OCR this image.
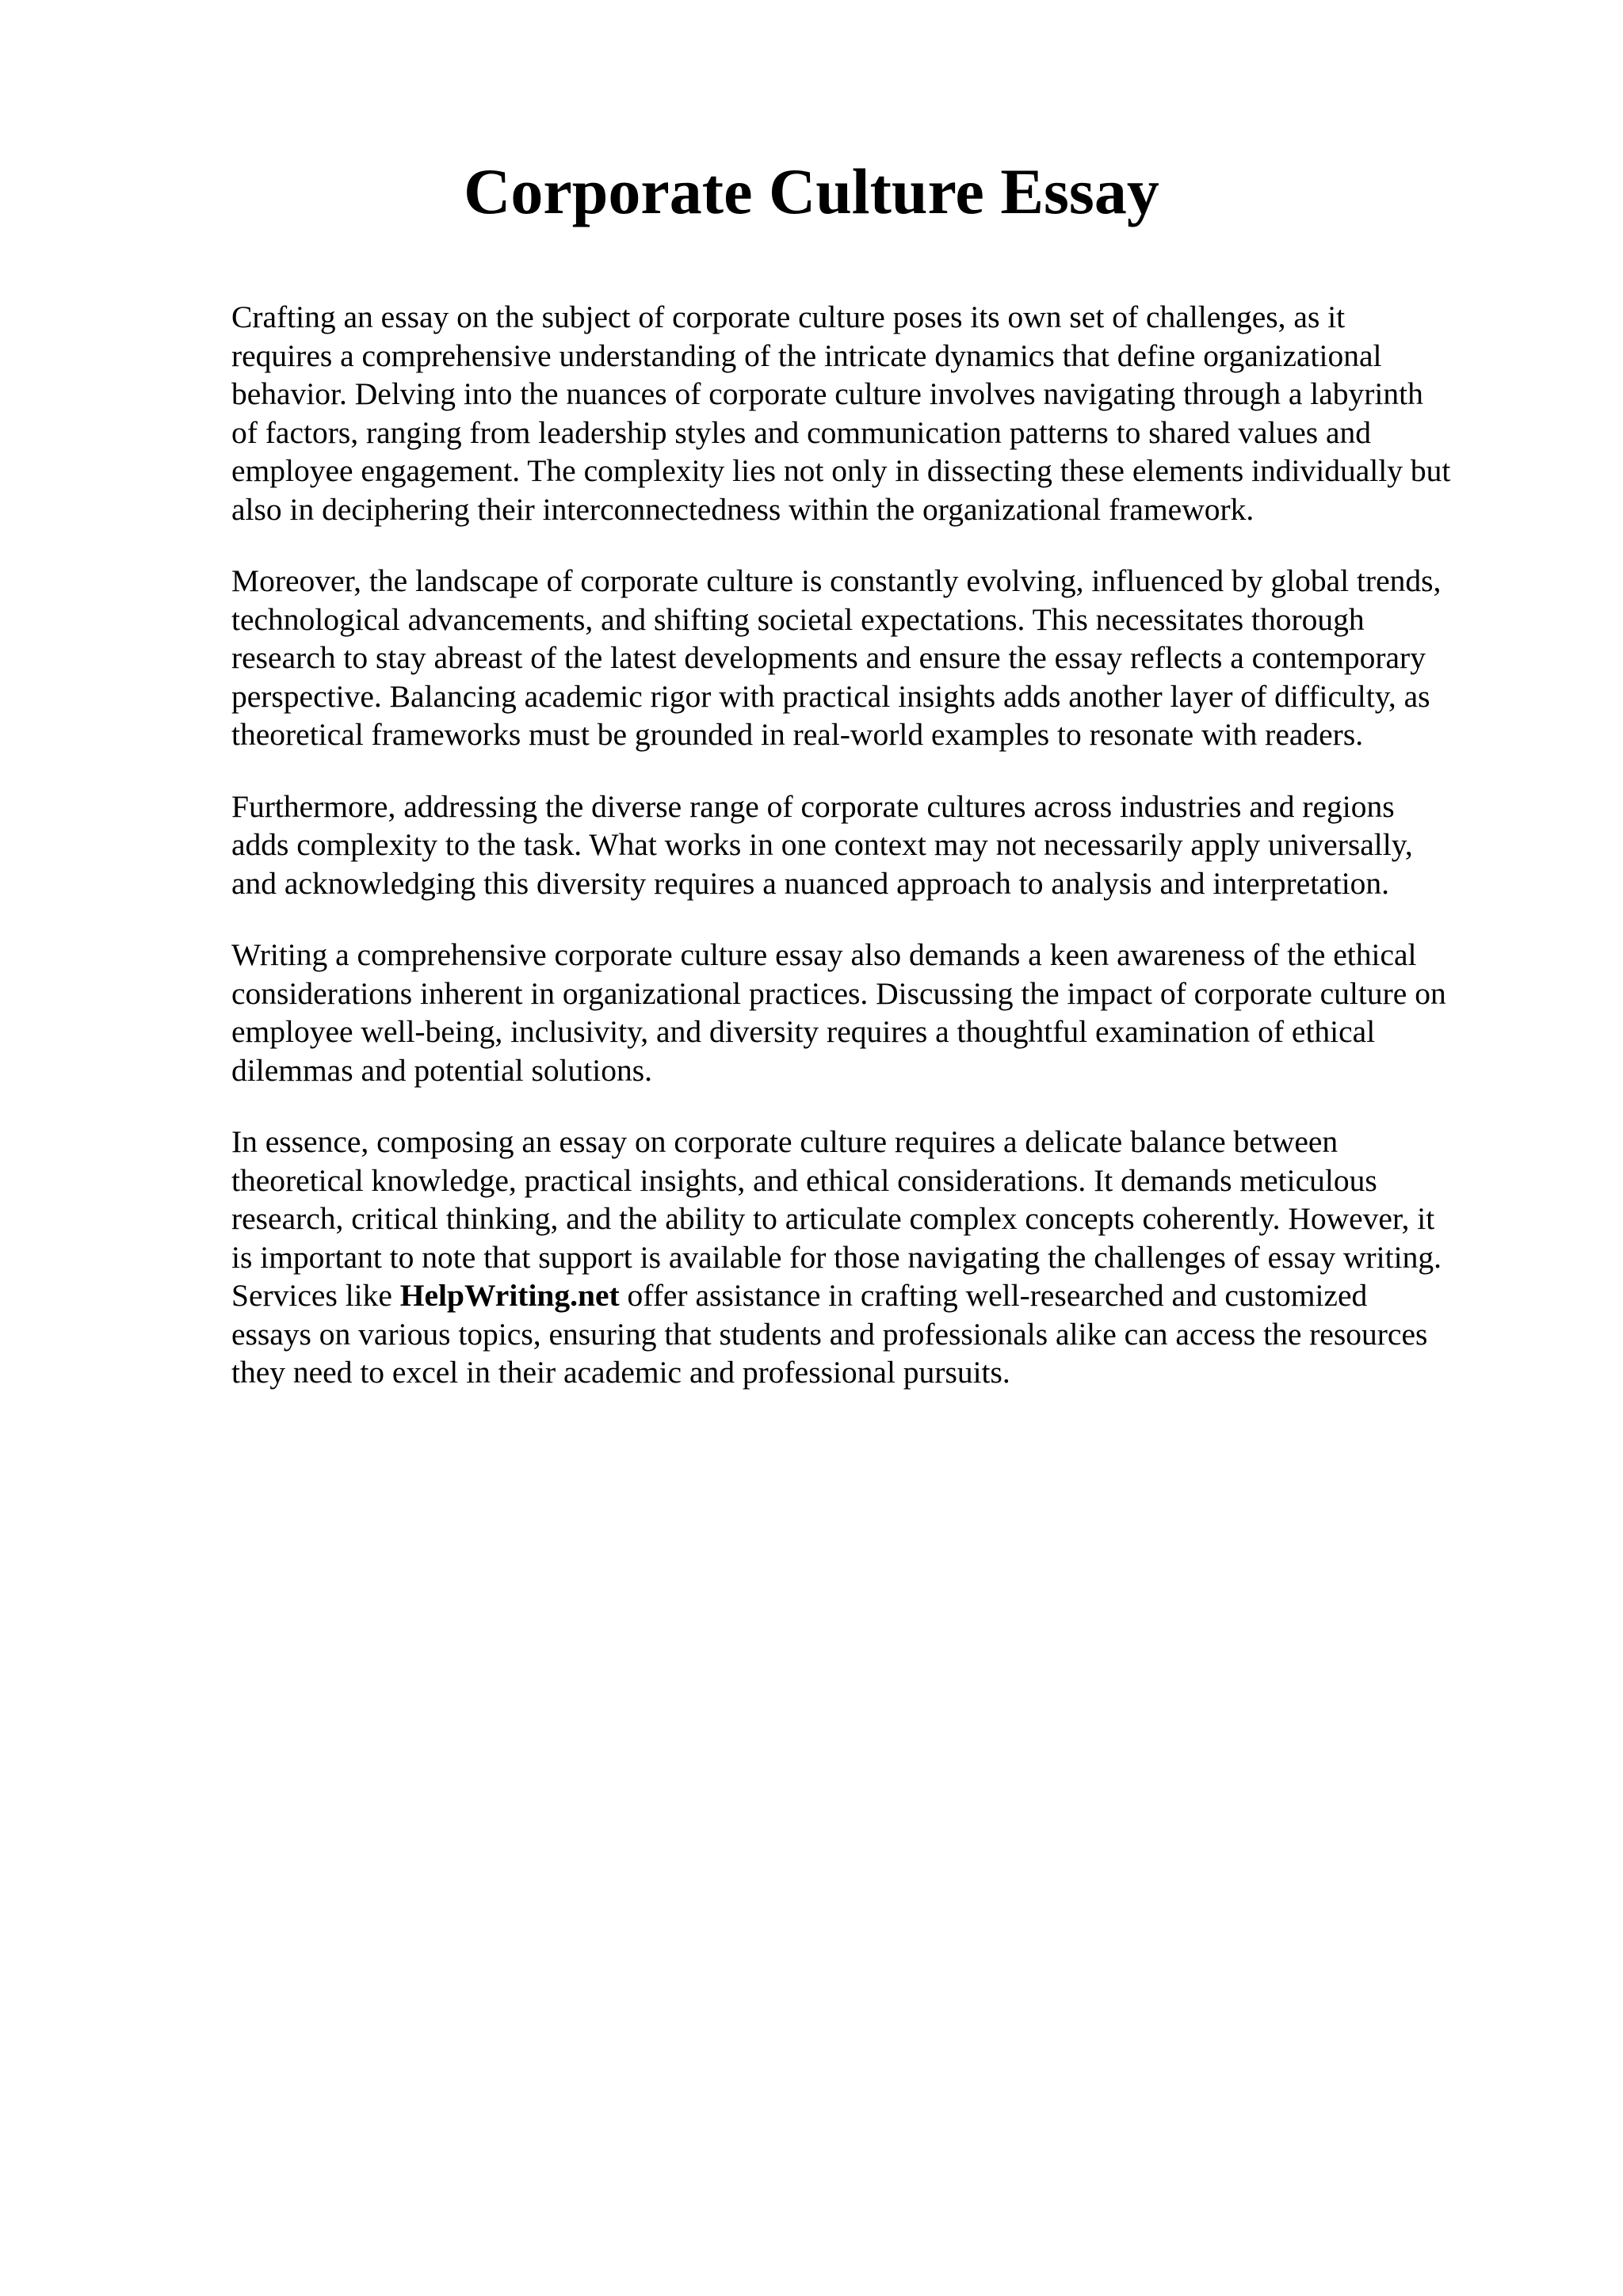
Corporate Culture Essay

Crafting an essay on the subject of corporate culture poses its own set of challenges, as it
requires a comprehensive understanding of the intricate dynamics that define organizational
behavior. Delving into the nuances of corporate culture involves navigating through a labyrinth
of factors, ranging from leadership styles and communication patterns to shared values and
employee engagement. The complexity lies not only in dissecting these elements individually but
also in deciphering their interconnectedness within the organizational framework.

Moreover, the landscape of corporate culture is constantly evolving, influenced by global trends,
technological advancements, and shifting societal expectations. This necessitates thorough
research to stay abreast of the latest developments and ensure the essay reflects a contemporary
perspective. Balancing academic rigor with practical insights adds another layer of difficulty, as
theoretical frameworks must be grounded in real-world examples to resonate with readers.

Furthermore, addressing the diverse range of corporate cultures across industries and regions
adds complexity to the task. What works in one context may not necessarily apply universally,
and acknowledging this diversity requires a nuanced approach to analysis and interpretation.

Writing a comprehensive corporate culture essay also demands a keen awareness of the ethical
considerations inherent in organizational practices. Discussing the impact of corporate culture on
employee well-being, inclusivity, and diversity requires a thoughtful examination of ethical
dilemmas and potential solutions.

In essence, composing an essay on corporate culture requires a delicate balance between
theoretical knowledge, practical insights, and ethical considerations. It demands meticulous
research, critical thinking, and the ability to articulate complex concepts coherently. However, it
is important to note that support is available for those navigating the challenges of essay writing.
Services like HelpWriting.net offer assistance in crafting well-researched and customized
essays on various topics, ensuring that students and professionals alike can access the resources
they need to excel in their academic and professional pursuits.
